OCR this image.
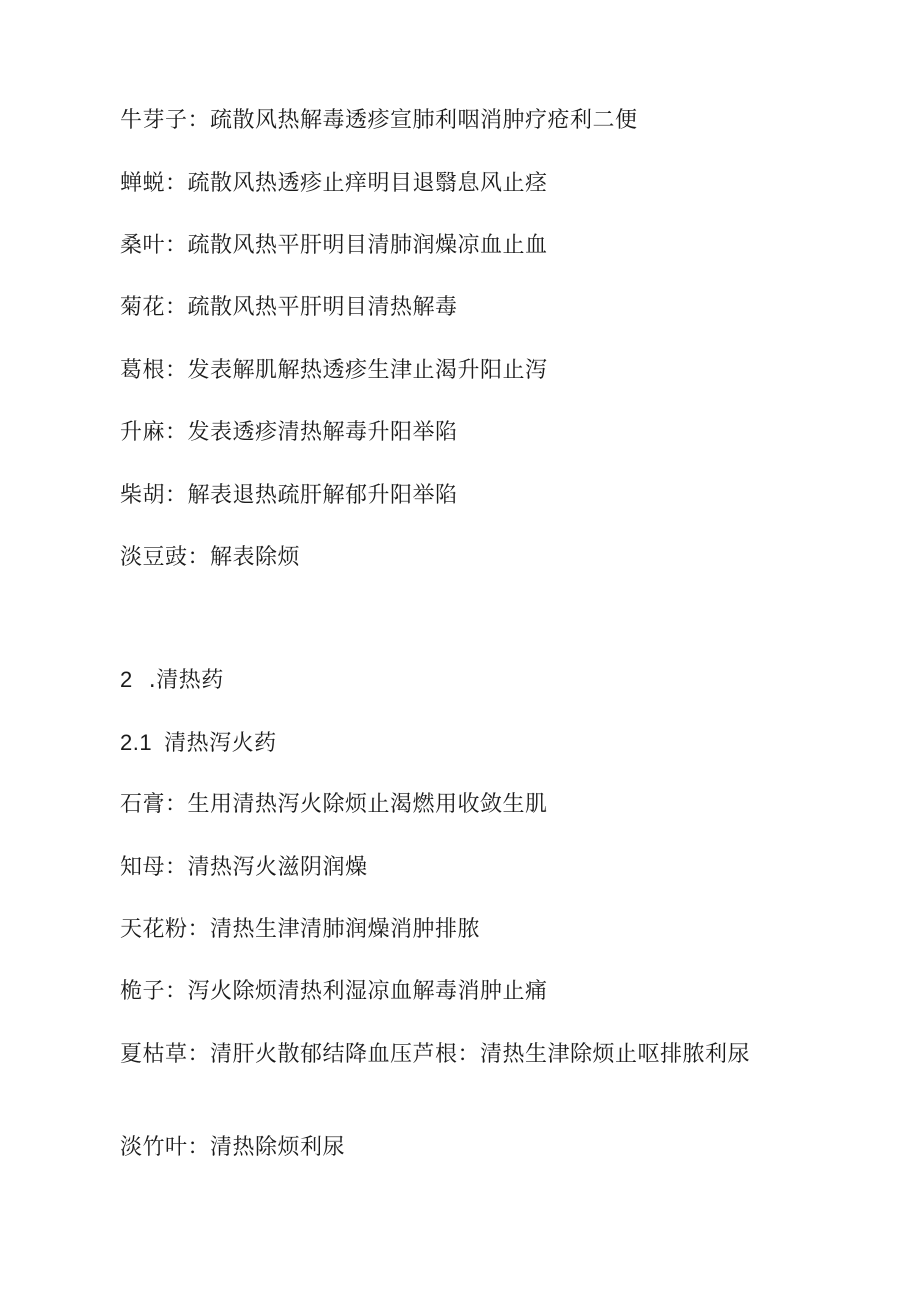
牛芽子：疏散风热解毒透疹宣肺利咽消肿疗疮利二便
蝉蜕：疏散风热透疹止痒明目退翳息风止痉
桑叶：疏散风热平肝明目清肺润燥凉血止血
菊花：疏散风热平肝明目清热解毒
葛根：发表解肌解热透疹生津止渴升阳止泻
升麻：发表透疹清热解毒升阳举陷
柴胡：解表退热疏肝解郁升阳举陷
淡豆豉：解表除烦
2 .清热药
2.1 清热泻火药
石膏：生用清热泻火除烦止渴燃用收敛生肌
知母：清热泻火滋阴润燥
天花粉：清热生津清肺润燥消肿排脓
桅子：泻火除烦清热利湿凉血解毒消肿止痛
夏枯草：清肝火散郁结降血压芦根：清热生津除烦止呕排脓利尿
淡竹叶：清热除烦利尿
